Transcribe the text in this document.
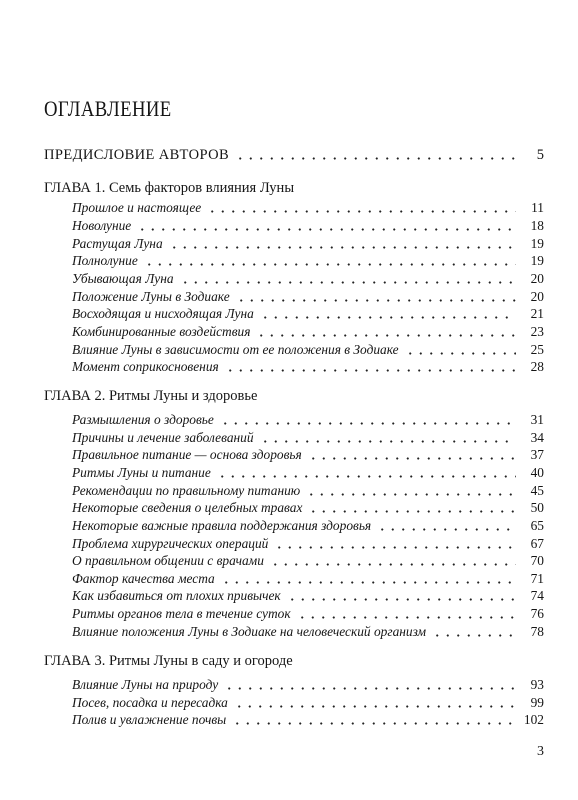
ОГЛАВЛЕНИЕ
ПРЕДИСЛОВИЕ АВТОРОВ	5
ГЛАВА 1. Семь факторов влияния Луны
Прошлое и настоящее	11
Новолуние	18
Растущая Луна	19
Полнолуние	19
Убывающая Луна	20
Положение Луны в Зодиаке	20
Восходящая и нисходящая Луна	21
Комбинированные воздействия	23
Влияние Луны в зависимости от ее положения в Зодиаке	25
Момент соприкосновения	28
ГЛАВА 2. Ритмы Луны и здоровье
Размышления о здоровье	31
Причины и лечение заболеваний	34
Правильное питание — основа здоровья	37
Ритмы Луны и питание	40
Рекомендации по правильному питанию	45
Некоторые сведения о целебных травах	50
Некоторые важные правила поддержания здоровья	65
Проблема хирургических операций	67
О правильном общении с врачами	70
Фактор качества места	71
Как избавиться от плохих привычек	74
Ритмы органов тела в течение суток	76
Влияние положения Луны в Зодиаке на человеческий организм	78
ГЛАВА 3. Ритмы Луны в саду и огороде
Влияние Луны на природу	93
Посев, посадка и пересадка	99
Полив и увлажнение почвы	102
3
